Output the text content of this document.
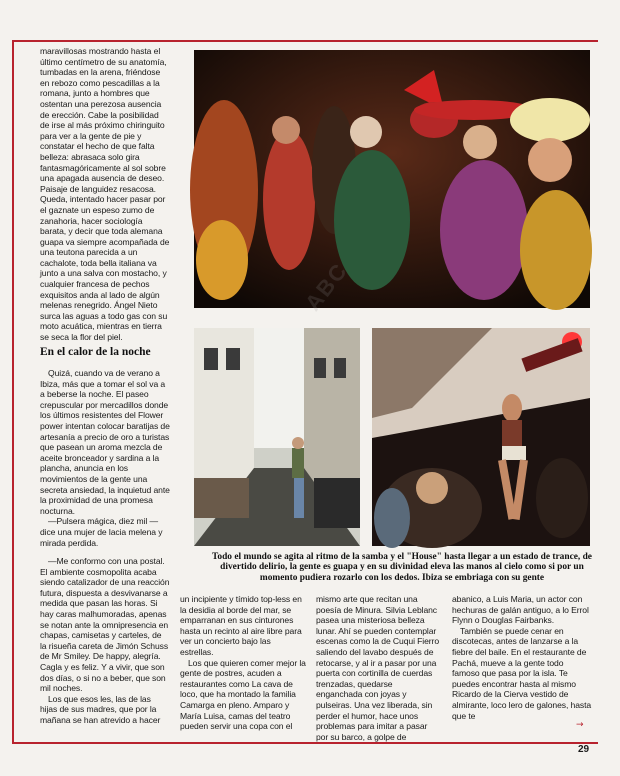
maravillosas mostrando hasta el último centímetro de su anatomía, tumbadas en la arena, friéndose en rebozo como pescadillas a la romana, junto a hombres que ostentan una perezosa ausencia de erección. Cabe la posibilidad de irse al más próximo chiringuito para ver a la gente de pie y constatar el hecho de que falta belleza: abrasaca solo gira fantasmagóricamente al sol sobre una apagada ausencia de deseo. Paisaje de languidez resacosa. Queda, intentado hacer pasar por el gaznate un espeso zumo de zanahoria, hacer sociología barata, y decir que toda alemana guapa va siempre acompañada de una teutona parecida a un cachalote, toda bella italiana va junto a una salva con mostacho, y cualquier francesa de pechos exquisitos anda al lado de algún melenas renegrido. Ángel Nieto surca las aguas a todo gas con su moto acuática, mientras en tierra se seca la flor del piel.

En el calor de la noche

Quizá, cuando va de verano a Ibiza, más que a tomar el sol va a a beberse la noche. El paseo crepuscular por mercadillos donde los últimos resistentes del Flower power intentan colocar baratijas de artesanía a precio de oro a turistas que pasean un aroma mezcla de aceite bronceador y sardina a la plancha, anuncia en los movimientos de la gente una secreta ansiedad, la inquietud ante la proximidad de una promesa nocturna.

—Pulsera mágica, diez mil —dice una mujer de lacia melena y mirada perdida.

—Me conformo con una postal. El ambiente cosmopolita acaba siendo catalizador de una reacción futura, dispuesta a desvivanarse a medida que pasan las horas. Si hay caras malhumoradas, apenas se notan ante la omnipresencia en chapas, camisetas y carteles, de la risueña careta de Jimón Schuss de Mr Smiley. De happy, alegría. Cagla y es feliz. Y a vivir, que son dos días, o si no a beber, que son mil noches.

Los que esos les, las de las hijas de sus madres, que por la mañana se han atrevido a hacer

Todo el mundo se agita al ritmo de la samba y el "House" hasta llegar a un estado de trance, de divertido delirio, la gente es guapa y en su divinidad eleva las manos al cielo como si por un momento pudiera rozarlo con los dedos. Ibiza se embriaga con su gente

un incipiente y tímido top-less en la desidia al borde del mar, se emparranan en sus cinturones hasta un recinto al aire libre para ver un concierto bajo las estrellas.

Los que quieren comer mejor la gente de postres, acuden a restaurantes como La cava de loco, que ha montado la familia Camarga en pleno. Amparo y María Luisa, camas del teatro pueden servir una copa con el

mismo arte que recitan una poesía de Minura. Silvia Leblanc pasea una misteriosa belleza lunar. Ahí se pueden contemplar escenas como la de Cuqui Fierro saliendo del lavabo después de retocarse, y al ir a pasar por una puerta con cortinilla de cuerdas trenzadas, quedarse enganchada con joyas y pulseiras. Una vez liberada, sin perder el humor, hace unos problemas para imitar a pasar por su barco, a golpe de

abanico, a Luis Maria, un actor con hechuras de galán antiguo, a lo Errol Flynn o Douglas Fairbanks.

También se puede cenar en discotecas, antes de lanzarse a la fiebre del baile. En el restaurante de Pachá, mueve a la gente todo famoso que pasa por la isla. Te puedes encontrar hasta al mismo Ricardo de la Cierva vestido de almirante, loco lero de galones, hasta que te

→
29
